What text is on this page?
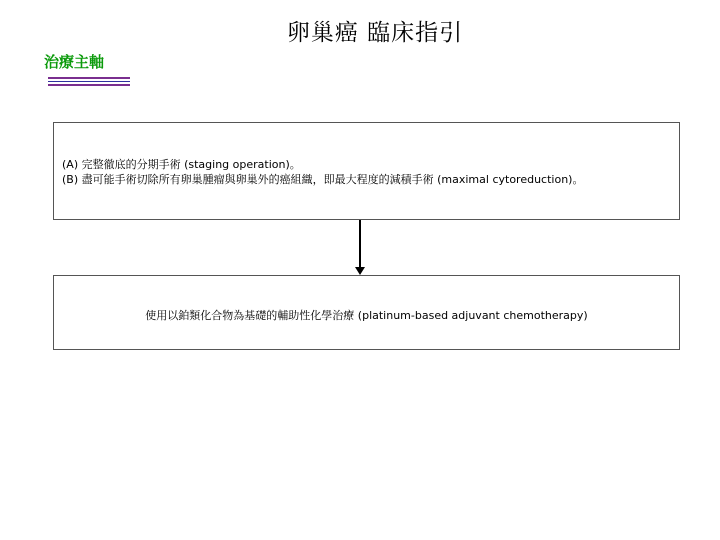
卵巢癌 臨床指引
治療主軸
(A) 完整徹底的分期手術 (staging operation)。
(B) 盡可能手術切除所有卵巢腫瘤與卵巢外的癌組織，即最大程度的減積手術 (maximal cytoreduction)。
使用以鉑類化合物為基礎的輔助性化學治療 (platinum-based adjuvant chemotherapy)
